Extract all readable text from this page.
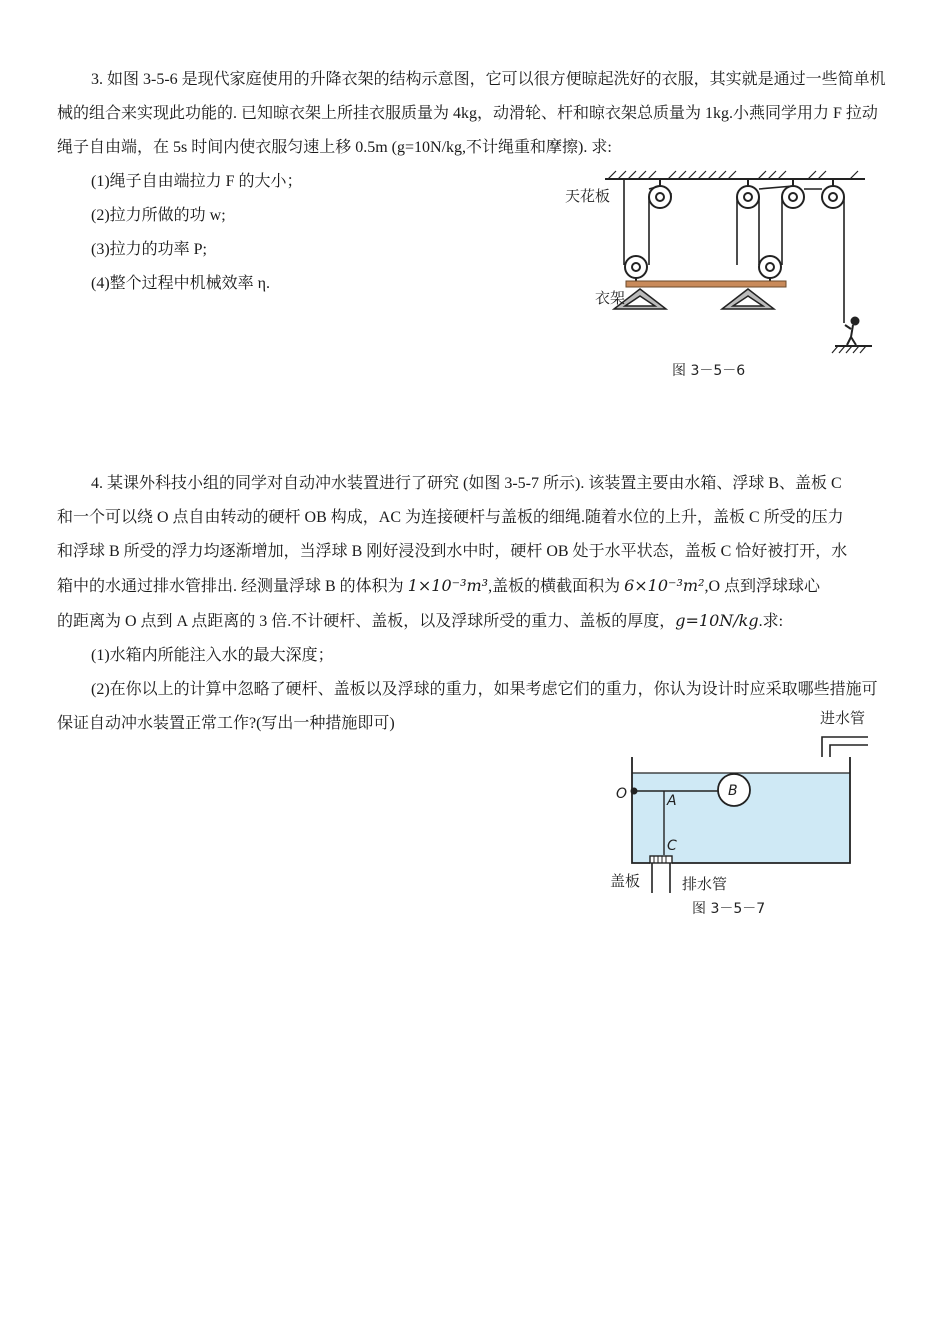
3. 如图 3-5-6 是现代家庭使用的升降衣架的结构示意图，它可以很方便晾起洗好的衣服，其实就是通过一些简单机械的组合来实现此功能的. 已知晾衣架上所挂衣服质量为 4kg，动滑轮、杆和晾衣架总质量为 1kg.小燕同学用力 F 拉动绳子自由端，在 5s 时间内使衣服匀速上移 0.5m (g=10N/kg,不计绳重和摩擦). 求:

(1)绳子自由端拉力 F 的大小；
(2)拉力所做的功 w;
(3)拉力的功率 P;
(4)整个过程中机械效率 η.
天花板
衣架
图 3－5－6
4. 某课外科技小组的同学对自动冲水装置进行了研究 (如图 3-5-7 所示). 该装置主要由水箱、浮球 B、盖板 C
和一个可以绕 O 点自由转动的硬杆 OB 构成，AC 为连接硬杆与盖板的细绳.随着水位的上升，盖板 C 所受的压力
和浮球 B 所受的浮力均逐渐增加，当浮球 B 刚好浸没到水中时，硬杆 OB 处于水平状态，盖板 C 恰好被打开，水
箱中的水通过排水管排出. 经测量浮球 B 的体积为 1×10⁻³m³,盖板的横截面积为 6×10⁻³m²,O 点到浮球球心
的距离为 O 点到 A 点距离的 3 倍.不计硬杆、盖板，以及浮球所受的重力、盖板的厚度，g=10N/kg.求:
(1)水箱内所能注入水的最大深度；

(2)在你以上的计算中忽略了硬杆、盖板以及浮球的重力，如果考虑它们的重力，你认为设计时应采取哪些措施可保证自动冲水装置正常工作?(写出一种措施即可)	进水管
O	B
A
C
盖板	排水管
图 3－5－7
